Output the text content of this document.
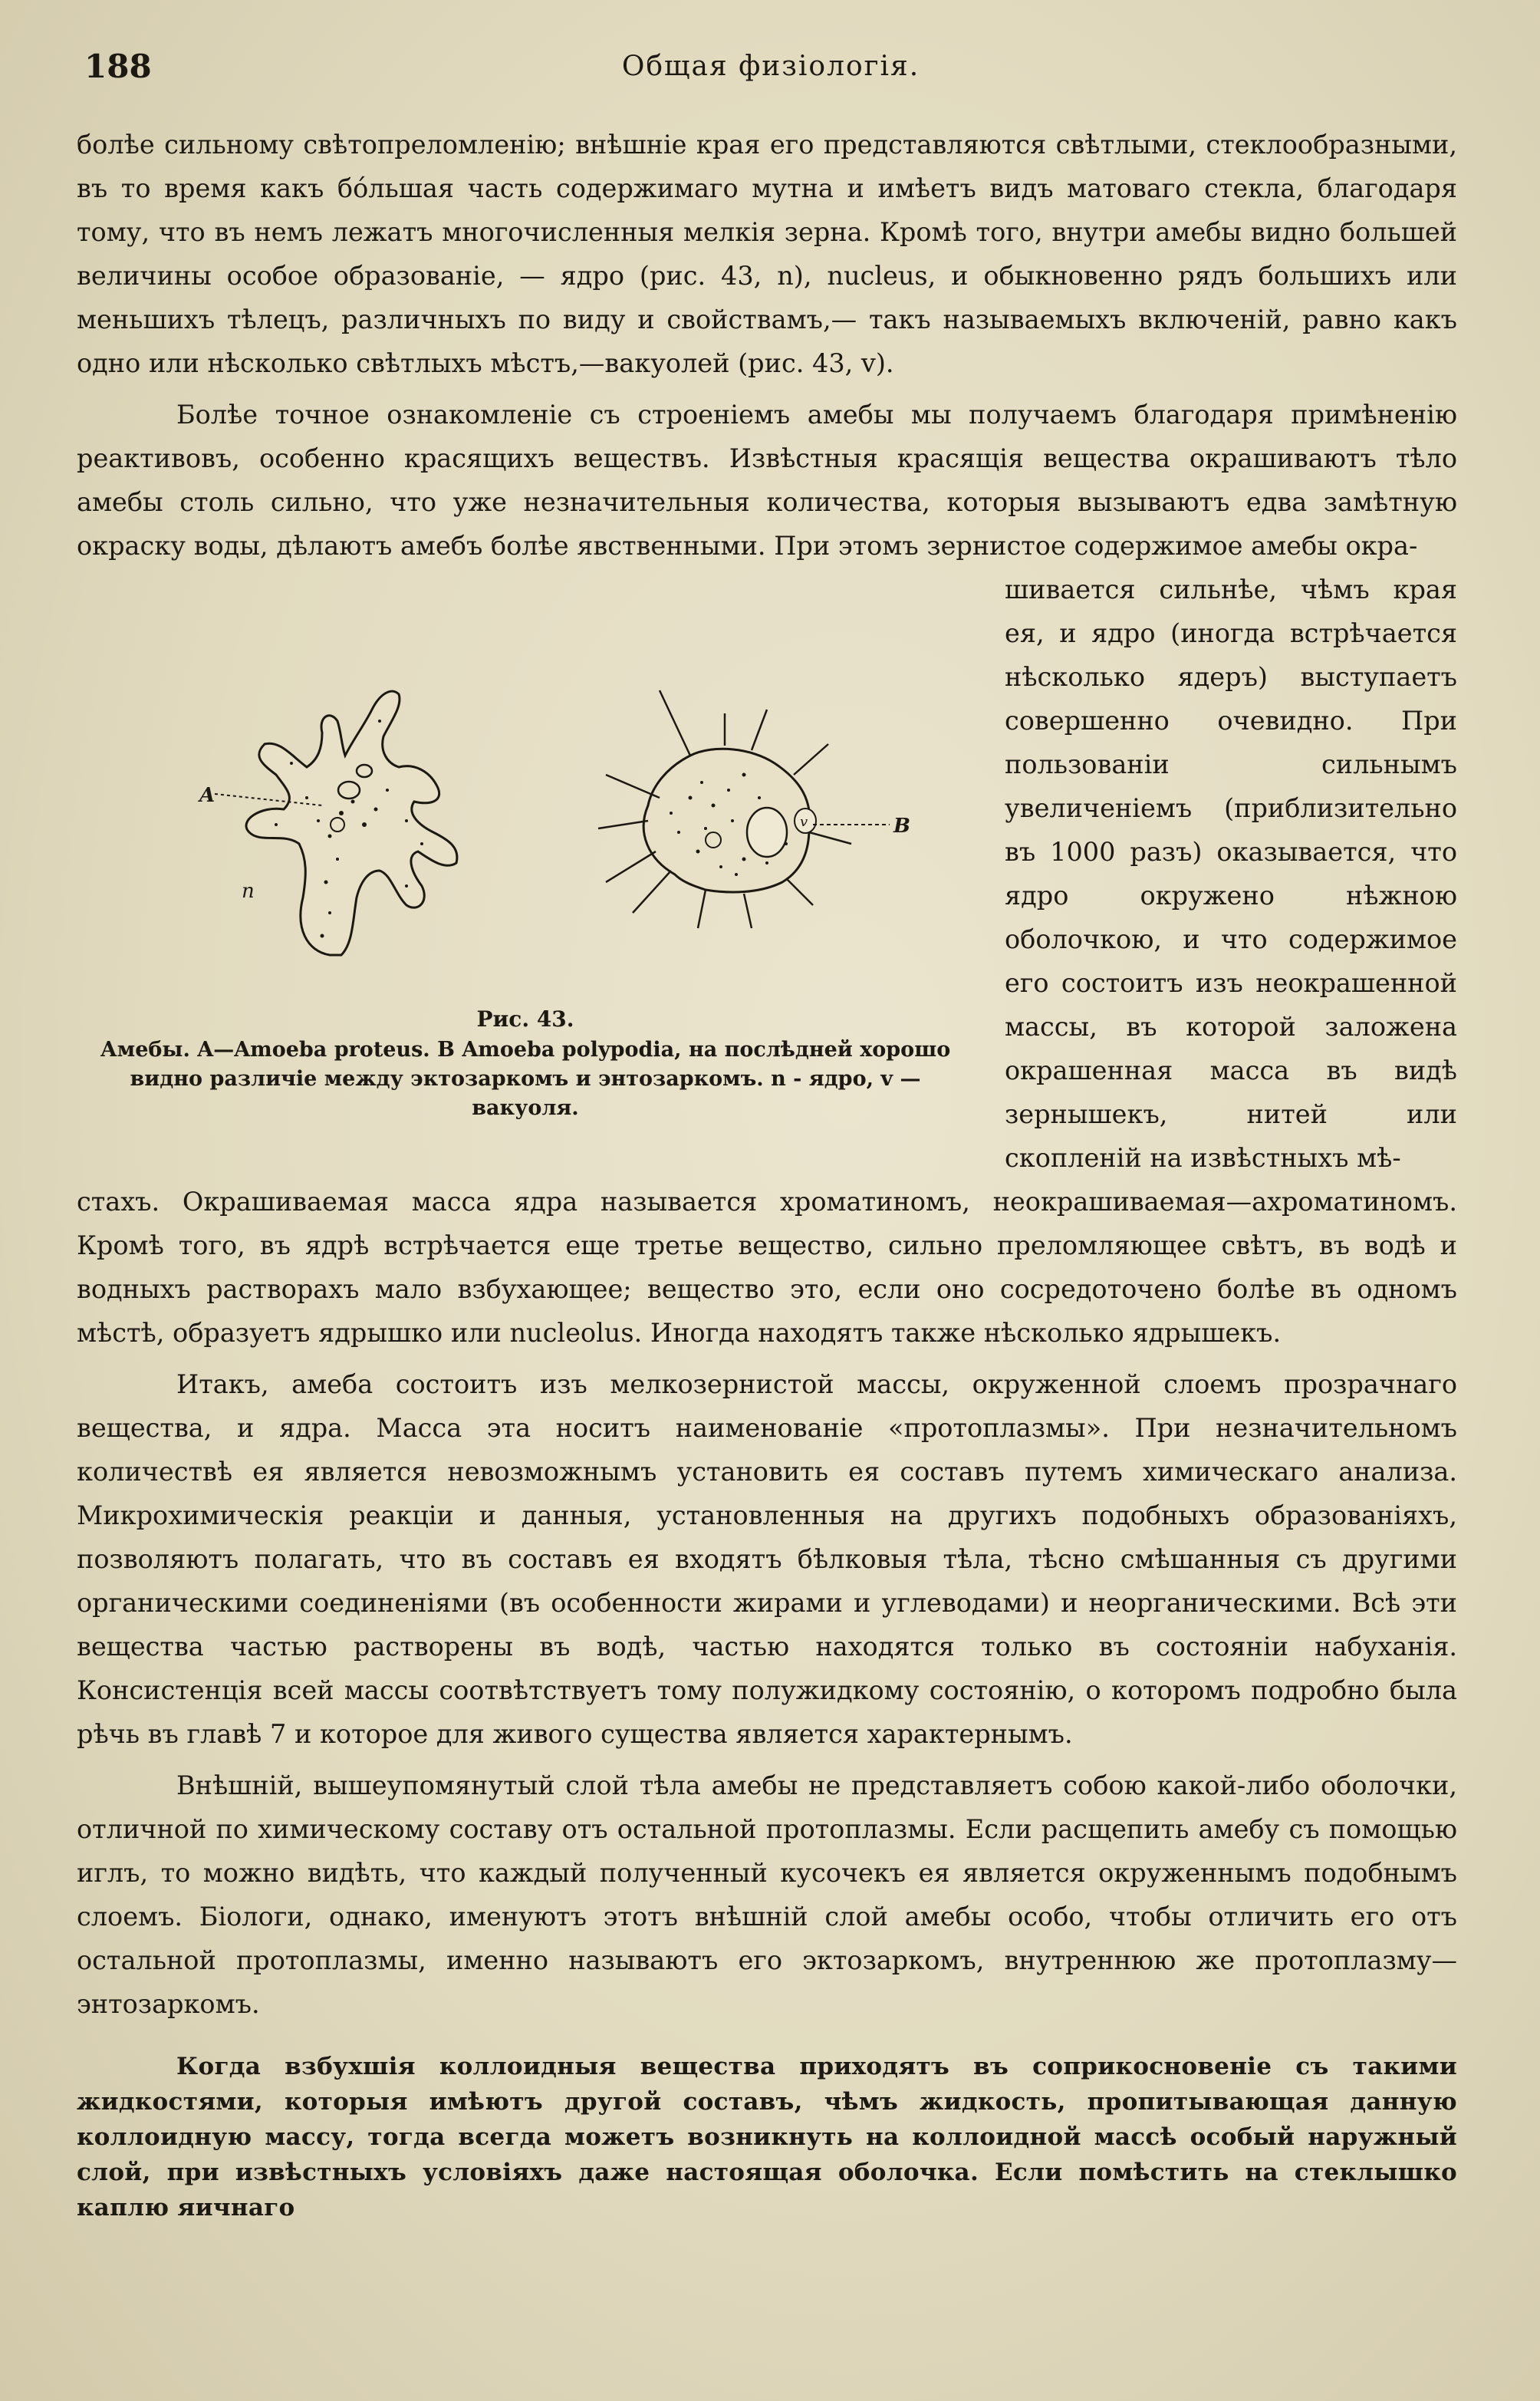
188	Общая физіологія.

болѣе сильному свѣтопреломленію; внѣшніе края его представляются свѣтлыми, стеклообразными, въ то время какъ бо́льшая часть содержимаго мутна и имѣетъ видъ матоваго стекла, благодаря тому, что въ немъ лежатъ многочисленныя мелкія зерна. Кромѣ того, внутри амебы видно большей величины особое образованіе, — ядро (рис. 43, n), nucleus, и обыкновенно рядъ большихъ или меньшихъ тѣлецъ, различныхъ по виду и свойствамъ,— такъ называемыхъ включеній, равно какъ одно или нѣсколько свѣтлыхъ мѣстъ,—вакуолей (рис. 43, v).

Болѣе точное ознакомленіе съ строеніемъ амебы мы получаемъ благодаря примѣненію реактивовъ, особенно красящихъ веществъ. Извѣстныя красящія вещества окрашиваютъ тѣло амебы столь сильно, что уже незначительныя количества, которыя вызываютъ едва замѣтную окраску воды, дѣлаютъ амебъ болѣе явственными. При этомъ зернистое содержимое амебы окра-

A
n
B
v
Рис. 43.
Амебы. A—Amoeba proteus. B Amoeba polypodia, на послѣдней хорошо видно различіе между эктозаркомъ и энтозаркомъ. n - ядро, v — вакуоля.
шивается сильнѣе, чѣмъ края ея, и ядро (иногда встрѣчается нѣсколько ядеръ) выступаетъ совершенно очевидно. При пользованіи сильнымъ увеличеніемъ (приблизительно въ 1000 разъ) оказывается, что ядро окружено нѣжною оболочкою, и что содержимое его состоитъ изъ неокрашенной массы, въ которой заложена окрашенная масса въ видѣ зернышекъ, нитей или скопленій на извѣстныхъ мѣ-

стахъ. Окрашиваемая масса ядра называется хроматиномъ, неокрашиваемая—ахроматиномъ. Кромѣ того, въ ядрѣ встрѣчается еще третье вещество, сильно преломляющее свѣтъ, въ водѣ и водныхъ растворахъ мало взбухающее; вещество это, если оно сосредоточено болѣе въ одномъ мѣстѣ, образуетъ ядрышко или nucleolus. Иногда находятъ также нѣсколько ядрышекъ.

Итакъ, амеба состоитъ изъ мелкозернистой массы, окруженной слоемъ прозрачнаго вещества, и ядра. Масса эта носитъ наименованіе «протоплазмы». При незначительномъ количествѣ ея является невозможнымъ установить ея составъ путемъ химическаго анализа. Микрохимическія реакціи и данныя, установленныя на другихъ подобныхъ образованіяхъ, позволяютъ полагать, что въ составъ ея входятъ бѣлковыя тѣла, тѣсно смѣшанныя съ другими органическими соединеніями (въ особенности жирами и углеводами) и неорганическими. Всѣ эти вещества частью растворены въ водѣ, частью находятся только въ состояніи набуханія. Консистенція всей массы соотвѣтствуетъ тому полужидкому состоянію, о которомъ подробно была рѣчь въ главѣ 7 и которое для живого существа является характернымъ.

Внѣшній, вышеупомянутый слой тѣла амебы не представляетъ собою какой-либо оболочки, отличной по химическому составу отъ остальной протоплазмы. Если расщепить амебу съ помощью иглъ, то можно видѣть, что каждый полученный кусочекъ ея является окруженнымъ подобнымъ слоемъ. Біологи, однако, именуютъ этотъ внѣшній слой амебы особо, чтобы отличить его отъ остальной протоплазмы, именно называютъ его эктозаркомъ, внутреннюю же протоплазму—энтозаркомъ.

Когда взбухшія коллоидныя вещества приходятъ въ соприкосновеніе съ такими жидкостями, которыя имѣютъ другой составъ, чѣмъ жидкость, пропитывающая данную коллоидную массу, тогда всегда можетъ возникнуть на коллоидной массѣ особый наружный слой, при извѣстныхъ условіяхъ даже настоящая оболочка. Если помѣстить на стеклышко каплю яичнаго
